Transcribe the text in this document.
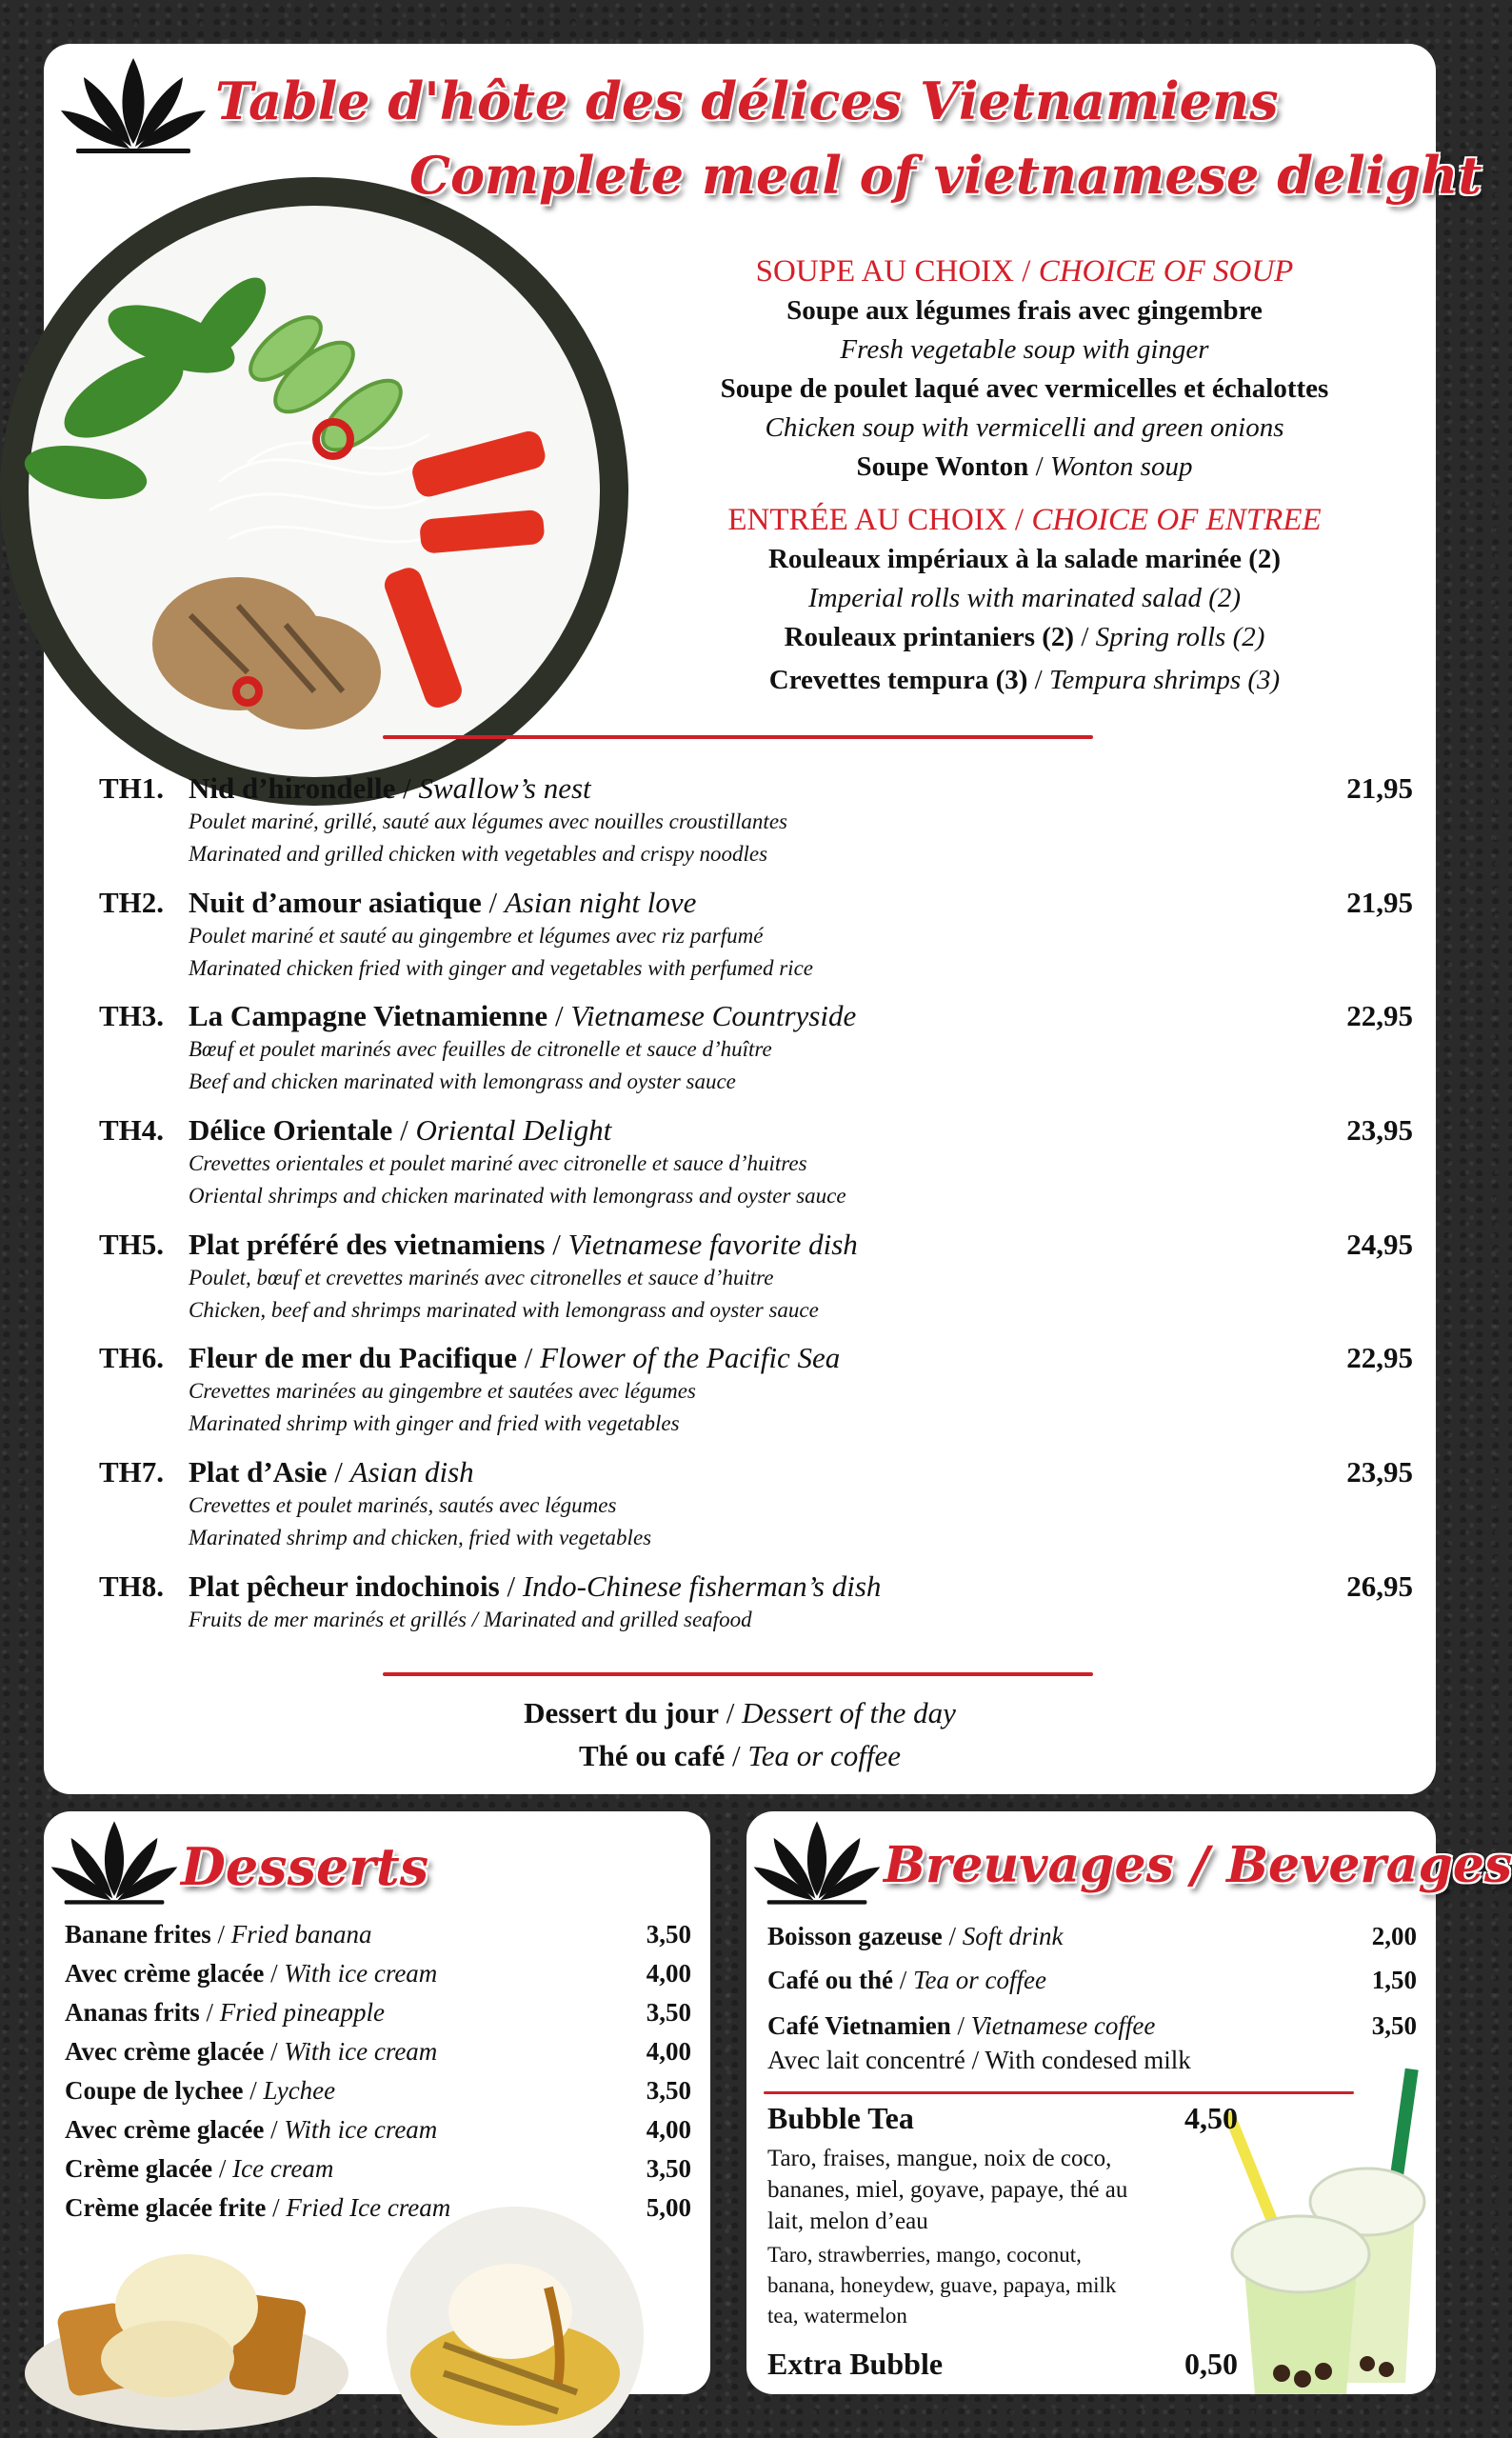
Table d'hôte des délices Vietnamiens
Complete meal of vietnamese delight
SOUPE AU CHOIX / CHOICE OF SOUP
Soupe aux légumes frais avec gingembre
Fresh vegetable soup with ginger
Soupe de poulet laqué avec vermicelles et échalottes
Chicken soup with vermicelli and green onions
Soupe Wonton / Wonton soup
ENTRÉE AU CHOIX / CHOICE OF ENTREE
Rouleaux impériaux à la salade marinée (2)
Imperial rolls with marinated salad (2)
Rouleaux printaniers (2) / Spring rolls (2)
Crevettes tempura (3) / Tempura shrimps (3)
TH1. Nid d’hirondelle / Swallow’s nest	21,95
Poulet mariné, grillé, sauté aux légumes avec nouilles croustillantes
Marinated and grilled chicken with vegetables and crispy noodles
TH2. Nuit d’amour asiatique / Asian night love	21,95
Poulet mariné et sauté au gingembre et légumes avec riz parfumé
Marinated chicken fried with ginger and vegetables with perfumed rice
TH3. La Campagne Vietnamienne / Vietnamese Countryside	22,95
Bœuf et poulet marinés avec feuilles de citronelle et sauce d’huître
Beef and chicken marinated with lemongrass and oyster sauce
TH4. Délice Orientale / Oriental Delight	23,95
Crevettes orientales et poulet mariné avec citronelle et sauce d’huitres
Oriental shrimps and chicken marinated with lemongrass and oyster sauce
TH5. Plat préféré des vietnamiens / Vietnamese favorite dish	24,95
Poulet, bœuf et crevettes marinés avec citronelles et sauce d’huitre
Chicken, beef and shrimps marinated with lemongrass and oyster sauce
TH6. Fleur de mer du Pacifique / Flower of the Pacific Sea	22,95
Crevettes marinées au gingembre et sautées avec légumes
Marinated shrimp with ginger and fried with vegetables
TH7. Plat d’Asie / Asian dish	23,95
Crevettes et poulet marinés, sautés avec légumes
Marinated shrimp and chicken, fried with vegetables
TH8. Plat pêcheur indochinois / Indo-Chinese fisherman’s dish	26,95
Fruits de mer marinés et grillés / Marinated and grilled seafood
Dessert du jour / Dessert of the day
Thé ou café / Tea or coffee
Desserts
Banane frites / Fried banana	3,50
Avec crème glacée / With ice cream	4,00
Ananas frits / Fried pineapple	3,50
Avec crème glacée / With ice cream	4,00
Coupe de lychee / Lychee	3,50
Avec crème glacée / With ice cream	4,00
Crème glacée / Ice cream	3,50
Crème glacée frite / Fried Ice cream	5,00
Breuvages / Beverages
Boisson gazeuse / Soft drink	2,00
Café ou thé / Tea or coffee	1,50
Café Vietnamien / Vietnamese coffee	3,50
Avec lait concentré / With condesed milk
Bubble Tea	4,50
Taro, fraises, mangue, noix de coco,
bananes, miel, goyave, papaye, thé au
lait, melon d’eau
Taro, strawberries, mango, coconut,
banana, honeydew, guave, papaya, milk
tea, watermelon
Extra Bubble	0,50
